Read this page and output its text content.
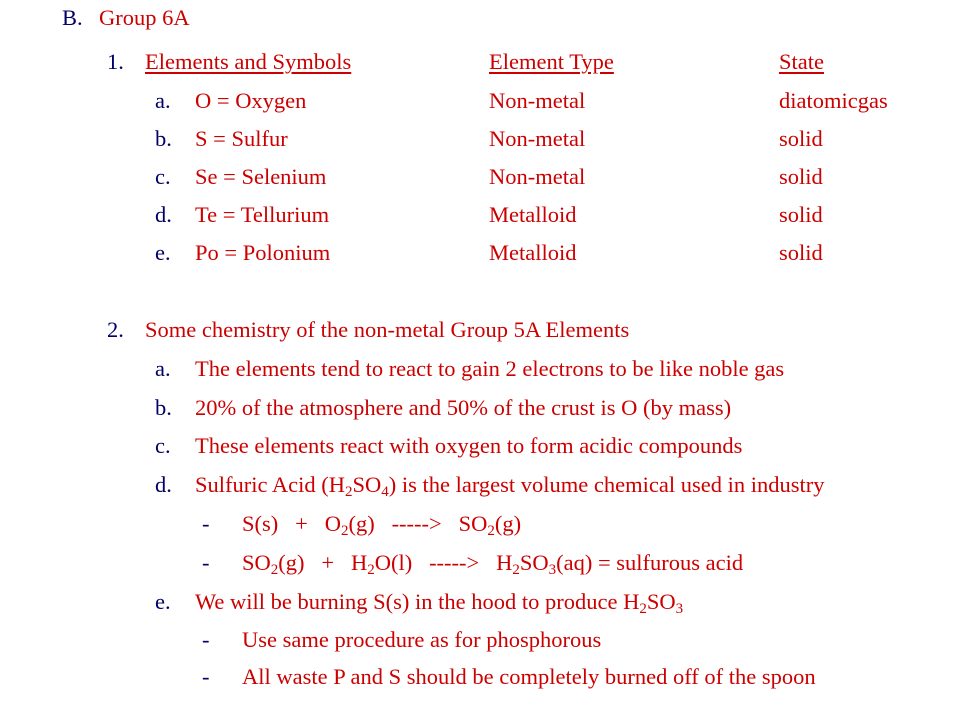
B. Group 6A
1. Elements and Symbols	Element Type	State
a. O = Oxygen	Non-metal	diatomicgas
b. S = Sulfur	Non-metal	solid
c. Se = Selenium	Non-metal	solid
d. Te = Tellurium	Metalloid	solid
e. Po = Polonium	Metalloid	solid
2. Some chemistry of the non-metal Group 5A Elements
a. The elements tend to react to gain 2 electrons to be like noble gas
b. 20% of the atmosphere and 50% of the crust is O (by mass)
c. These elements react with oxygen to form acidic compounds
d. Sulfuric Acid $(H_2SO_4)$ is the largest volume chemical used in industry
- $S(s) + O_2(g)$   ----->   $SO_2(g)$
- $SO_2(g) + H_2O(l)$   ----->   $H_2SO_3(aq)$ = sulfurous acid
e. We will be burning S(s) in the hood to produce $H_2SO_3$
- Use same procedure as for phosphorous
- All waste P and S should be completely burned off of the spoon
